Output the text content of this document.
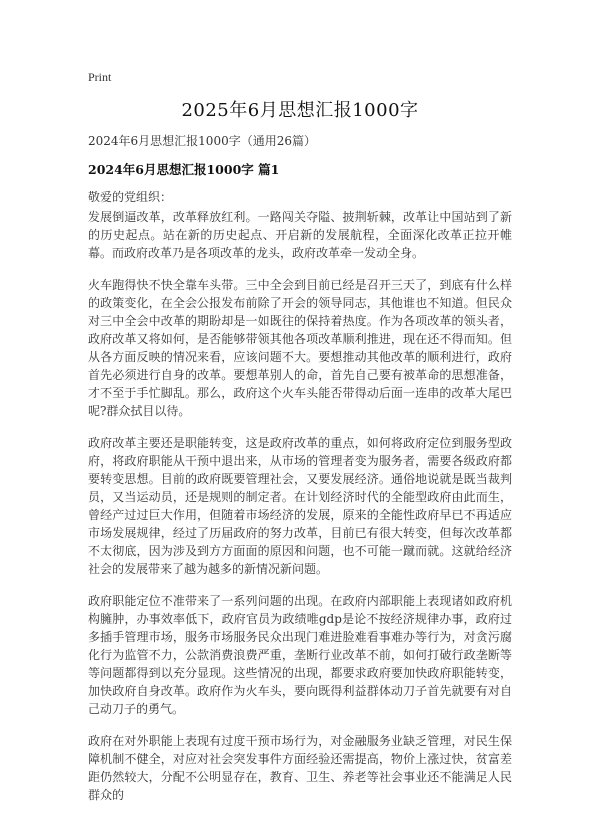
Print
2025年6月思想汇报1000字
2024年6月思想汇报1000字（通用26篇）
2024年6月思想汇报1000字 篇1
敬爱的党组织：

发展倒逼改革，改革释放红利。一路闯关夺隘、披荆斩棘，改革让中国站到了新的历史起点。站在新的历史起点、开启新的发展航程，全面深化改革正拉开帷幕。而政府改革乃是各项改革的龙头，政府改革牵一发动全身。

火车跑得快不快全靠车头带。三中全会到目前已经是召开三天了，到底有什么样的政策变化，在全会公报发布前除了开会的领导同志，其他谁也不知道。但民众对三中全会中改革的期盼却是一如既往的保持着热度。作为各项改革的领头者，政府改革又将如何，是否能够带领其他各项改革顺利推进，现在还不得而知。但从各方面反映的情况来看，应该问题不大。要想推动其他改革的顺利进行，政府首先必须进行自身的改革。要想革别人的命，首先自己要有被革命的思想准备，才不至于手忙脚乱。那么，政府这个火车头能否带得动后面一连串的改革大尾巴呢?群众拭目以待。

政府改革主要还是职能转变，这是政府改革的重点，如何将政府定位到服务型政府，将政府职能从干预中退出来，从市场的管理者变为服务者，需要各级政府都要转变思想。目前的政府既要管理社会，又要发展经济。通俗地说就是既当裁判员，又当运动员，还是规则的制定者。在计划经济时代的全能型政府由此而生，曾经产过过巨大作用，但随着市场经济的发展，原来的全能性政府早已不再适应市场发展规律，经过了历届政府的努力改革，目前已有很大转变，但每次改革都不太彻底，因为涉及到方方面面的原因和问题，也不可能一蹴而就。这就给经济社会的发展带来了越为越多的新情况新问题。

政府职能定位不准带来了一系列问题的出现。在政府内部职能上表现诸如政府机构臃肿，办事效率低下，政府官员为政绩唯gdp是论不按经济规律办事，政府过多插手管理市场，服务市场服务民众出现门难进脸难看事难办等行为，对贪污腐化行为监管不力，公款消费浪费严重，垄断行业改革不前，如何打破行政垄断等等问题都得到以充分显现。这些情况的出现，都要求政府要加快政府职能转变，加快政府自身改革。政府作为火车头，要向既得利益群体动刀子首先就要有对自己动刀子的勇气。

政府在对外职能上表现有过度干预市场行为，对金融服务业缺乏管理，对民生保障机制不健全，对应对社会突发事件方面经验还需提高，物价上涨过快，贫富差距仍然较大，分配不公明显存在，教育、卫生、养老等社会事业还不能满足人民群众的
